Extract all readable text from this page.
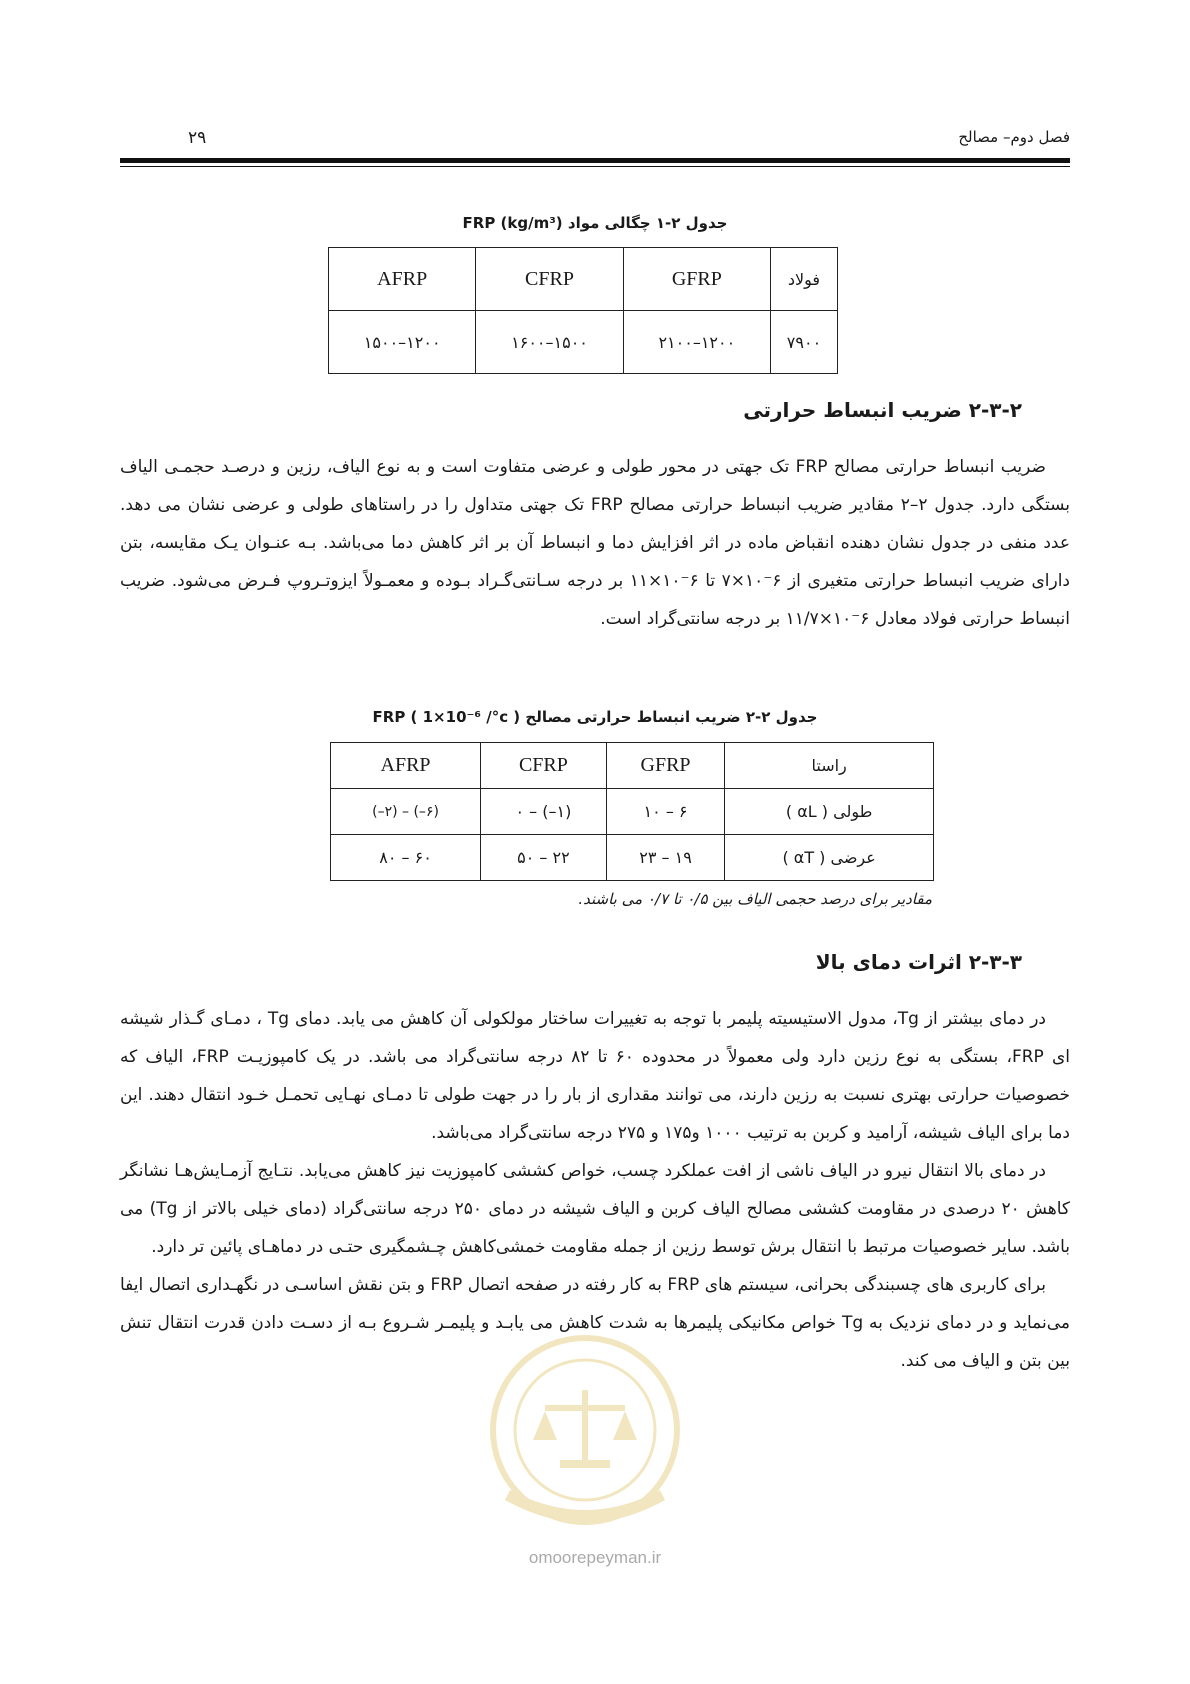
۲۹	فصل دوم– مصالح
جدول ۲-۱ چگالی مواد FRP (kg/m³)
فولاد	GFRP	CFRP	AFRP
۷۹۰۰	۱۲۰۰–۲۱۰۰	۱۵۰۰–۱۶۰۰	۱۲۰۰–۱۵۰۰
۲-۳-۲ ضریب انبساط حرارتی

ضریب انبساط حرارتی مصالح FRP تک جهتی در محور طولی و عرضی متفاوت است و به نوع الیاف، رزین و درصـد حجمـی الیاف بستگی دارد. جدول ۲–۲ مقادیر ضریب انبساط حرارتی مصالح FRP تک جهتی متداول را در راستاهای طولی و عرضی نشان می دهد. عدد منفی در جدول نشان دهنده انقباض ماده در اثر افزایش دما و انبساط آن بر اثر کاهش دما می‌باشد. بـه عنـوان یـک مقایسه، بتن دارای ضریب انبساط حرارتی متغیری از ۶⁻۱۰×۷ تا ۶⁻۱۰×۱۱ بر درجه سـانتی‌گـراد بـوده و معمـولاً ایزوتـروپ فـرض می‌شود. ضریب انبساط حرارتی فولاد معادل ۶⁻۱۰×۱۱/۷ بر درجه سانتی‌گراد است.

جدول ۲-۲ ضریب انبساط حرارتی مصالح FRP ( 1×10⁻⁶ /°c )
راستا	GFRP	CFRP	AFRP
طولی ( αL )	۶ – ۱۰	(۱–) – ۰	(۶–) – (۲–)
عرضی ( αT )	۱۹ – ۲۳	۲۲ – ۵۰	۶۰ – ۸۰
مقادیر برای درصد حجمی الیاف بین ۰/۵ تا ۰/۷ می باشند.
۲-۳-۳ اثرات دمای بالا

در دمای بیشتر از Tg، مدول الاستیسیته پلیمر با توجه به تغییرات ساختار مولکولی آن کاهش می یابد. دمای Tg ، دمـای گـذار شیشه ای FRP، بستگی به نوع رزین دارد ولی معمولاً در محدوده ۶۰ تا ۸۲ درجه سانتی‌گراد می باشد. در یک کامپوزیـت FRP، الیاف که خصوصیات حرارتی بهتری نسبت به رزین دارند، می توانند مقداری از بار را در جهت طولی تا دمـای نهـایی تحمـل خـود انتقال دهند. این دما برای الیاف شیشه، آرامید و کربن به ترتیب ۱۰۰۰ و۱۷۵ و ۲۷۵ درجه سانتی‌گراد می‌باشد.

در دمای بالا انتقال نیرو در الیاف ناشی از افت عملکرد چسب، خواص کششی کامپوزیت نیز کاهش می‌یابد. نتـایج آزمـایش‌هـا نشانگر کاهش ۲۰ درصدی در مقاومت کششی مصالح الیاف کربن و الیاف شیشه در دمای ۲۵۰ درجه سانتی‌گراد (دمای خیلی بالاتر از Tg) می باشد. سایر خصوصیات مرتبط با انتقال برش توسط رزین از جمله مقاومت خمشی‌کاهش چـشمگیری حتـی در دماهـای پائین تر دارد.

برای کاربری های چسبندگی بحرانی، سیستم های FRP به کار رفته در صفحه اتصال FRP و بتن نقش اساسـی در نگهـداری اتصال ایفا می‌نماید و در دمای نزدیک به Tg خواص مکانیکی پلیمرها به شدت کاهش می یابـد و پلیمـر شـروع بـه از دسـت دادن قدرت انتقال تنش بین بتن و الیاف می کند.

omoorepeyman.ir
